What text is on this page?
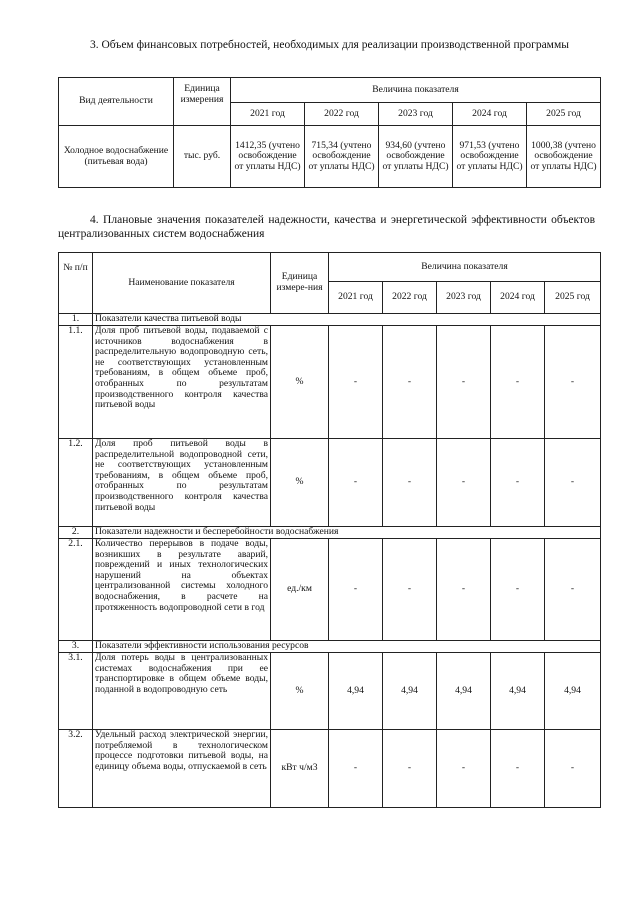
3. Объем финансовых потребностей, необходимых для реализации производственной программы

Вид деятельности	Единица измерения	Величина показателя				
		2021 год	2022 год	2023 год	2024 год	2025 год
Холодное водоснабжение (питьевая вода)	тыс. руб.	1412,35 (учтено освобождение от уплаты НДС)	715,34 (учтено освобождение от уплаты НДС)	934,60 (учтено освобождение от уплаты НДС)	971,53 (учтено освобождение от уплаты НДС)	1000,38 (учтено освобождение от уплаты НДС)

4. Плановые значения показателей надежности, качества и энергетической эффективности объектов централизованных систем водоснабжения

№ п/п	Наименование показателя	Единица измере-ния	Величина показателя				
			2021 год	2022 год	2023 год	2024 год	2025 год
1.	Показатели качества питьевой воды						
1.1.	Доля проб питьевой воды, подаваемой с источников водоснабжения в распределительную водопроводную сеть, не соответствующих установленным требованиям, в общем объеме проб, отобранных по результатам производственного контроля качества питьевой воды	%	-	-	-	-	-
1.2.	Доля проб питьевой воды в распределительной водопроводной сети, не соответствующих установленным требованиям, в общем объеме проб, отобранных по результатам производственного контроля качества питьевой воды	%	-	-	-	-	-
2.	Показатели надежности и бесперебойности водоснабжения						
2.1.	Количество перерывов в подаче воды, возникших в результате аварий, повреждений и иных технологических нарушений на объектах централизованной системы холодного водоснабжения, в расчете на протяженность водопроводной сети в год	ед./км	-	-	-	-	-
3.	Показатели эффективности использования ресурсов						
3.1.	Доля потерь воды в централизованных системах водоснабжения при ее транспортировке в общем объеме воды, поданной в водопроводную сеть	%	4,94	4,94	4,94	4,94	4,94
3.2.	Удельный расход электрической энергии, потребляемой в технологическом процессе подготовки питьевой воды, на единицу объема воды, отпускаемой в сеть	кВт ч/м3	-	-	-	-	-
